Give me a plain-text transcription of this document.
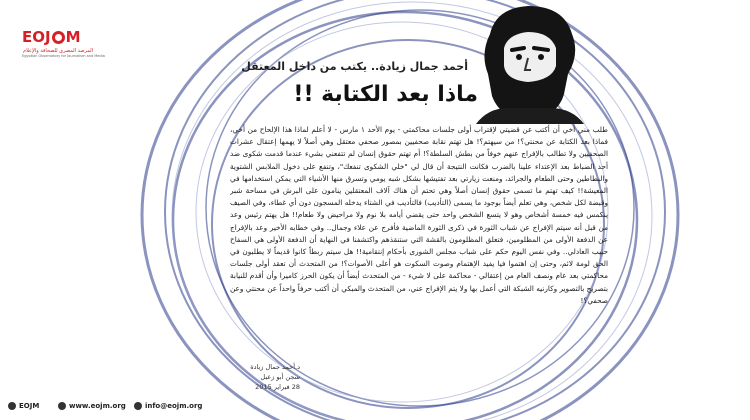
EOJ M
المرصد المصري للصحافة والإعلام
Egyptian Observatory for Journalism and Media
أحمد جمال زيادة.. يكتب من داخل المعتقل
ماذا بعد الكتابة !!

طلب مني أخي أن أكتب عن قضيتي لإقتراب أولى جلسات محاكمتي - يوم الأحد ١ مارس - لا أعلم لماذا هذا الإلحاح من أخي، فماذا بعد الكتابة عن محنتي؟! من سيهتم؟! هل تهتم نقابة صحفيين بمصور صحفي معتقل وهي أصلاً لا يهمها إعتقال عشرات الصحفيين ولا تطالب بالإفراج عنهم خوفاً من بطش السلطة؟! أم تهتم حقوق إنسان لم تتفعني بشيء عندما قدمت شكوى ضد أحد الضباط بعد الإعتداء علينا بالضرب فكانت النتيجة أن قال لي "خلي الشكوى تنفعك"، وتنفع على دخول الملابس الشتوية والبطاطين وحتى الطعام والجرائد، ومنعت زيارتي بعد تفتيشها بشكل شبه يومي وتسرق منها الأشياء التي يمكن استخدامها في المعيشة!! كيف تهتم ما تسمى حقوق إنسان أصلاً وهي تحتم أن هناك آلاف المعتقلين ينامون على البرش في مساحة شبر وقبضة لكل شخص، وهي تعلم أيضاً بوجود ما يسمى (التأديب) فالتأديب في الشتاء يدخله المسجون دون أي غطاء، وفي الصيف ينكمس فيه خمسة أشخاص وهو لا يتسع الشخص واحد حتى يقضي أيامه بلا نوم ولا مراحيض ولا طعام!! هل يهتم رئيس وعد من قبل أنه سيتم الإفراج عن شباب الثورة في ذكرى الثورة الماضية فأفرج عن علاء وجمال.. وفي خطابه الأخير وعد بالإفراج عن الدفعة الأولى من المظلومين، فتعلق المظلومون بالقشة التي ستنقذهم واكتشفنا في النهاية أن الدفعة الأولى هي السفاح حبيب العادلي.. وفي نفس اليوم حكم على شباب مجلس الشورى بأحكام إنتقامية!! هل سيتم ربطاً كانوا قديماً لا يطلبون في الحق لومة لائم، وحتى إن اهتموا فيا يفيد الإهتمام وصوت السكوت هو أعلى الأصوات؟! من المتحدث أن تعقد أولى جلسات محاكمتي بعد عام ونصف العام من إعتقالي - محاكمة على لا شيء - من المتحدث أيضاً أن يكون الحرز كاميرا وأن أقدم للنيابة بتصريح بالتصوير وكارنيه الشبكة التي أعمل بها ولا يتم الإفراج عني، من المتحدث والمبكي أن أكتب حرفاً واحداً عن محنتي وعن صحفي؟!

د.أحمد جمال زيادة
سجن أبو زعبل
28 فبراير 2015
EOJM	www.eojm.org	info@eojm.org
